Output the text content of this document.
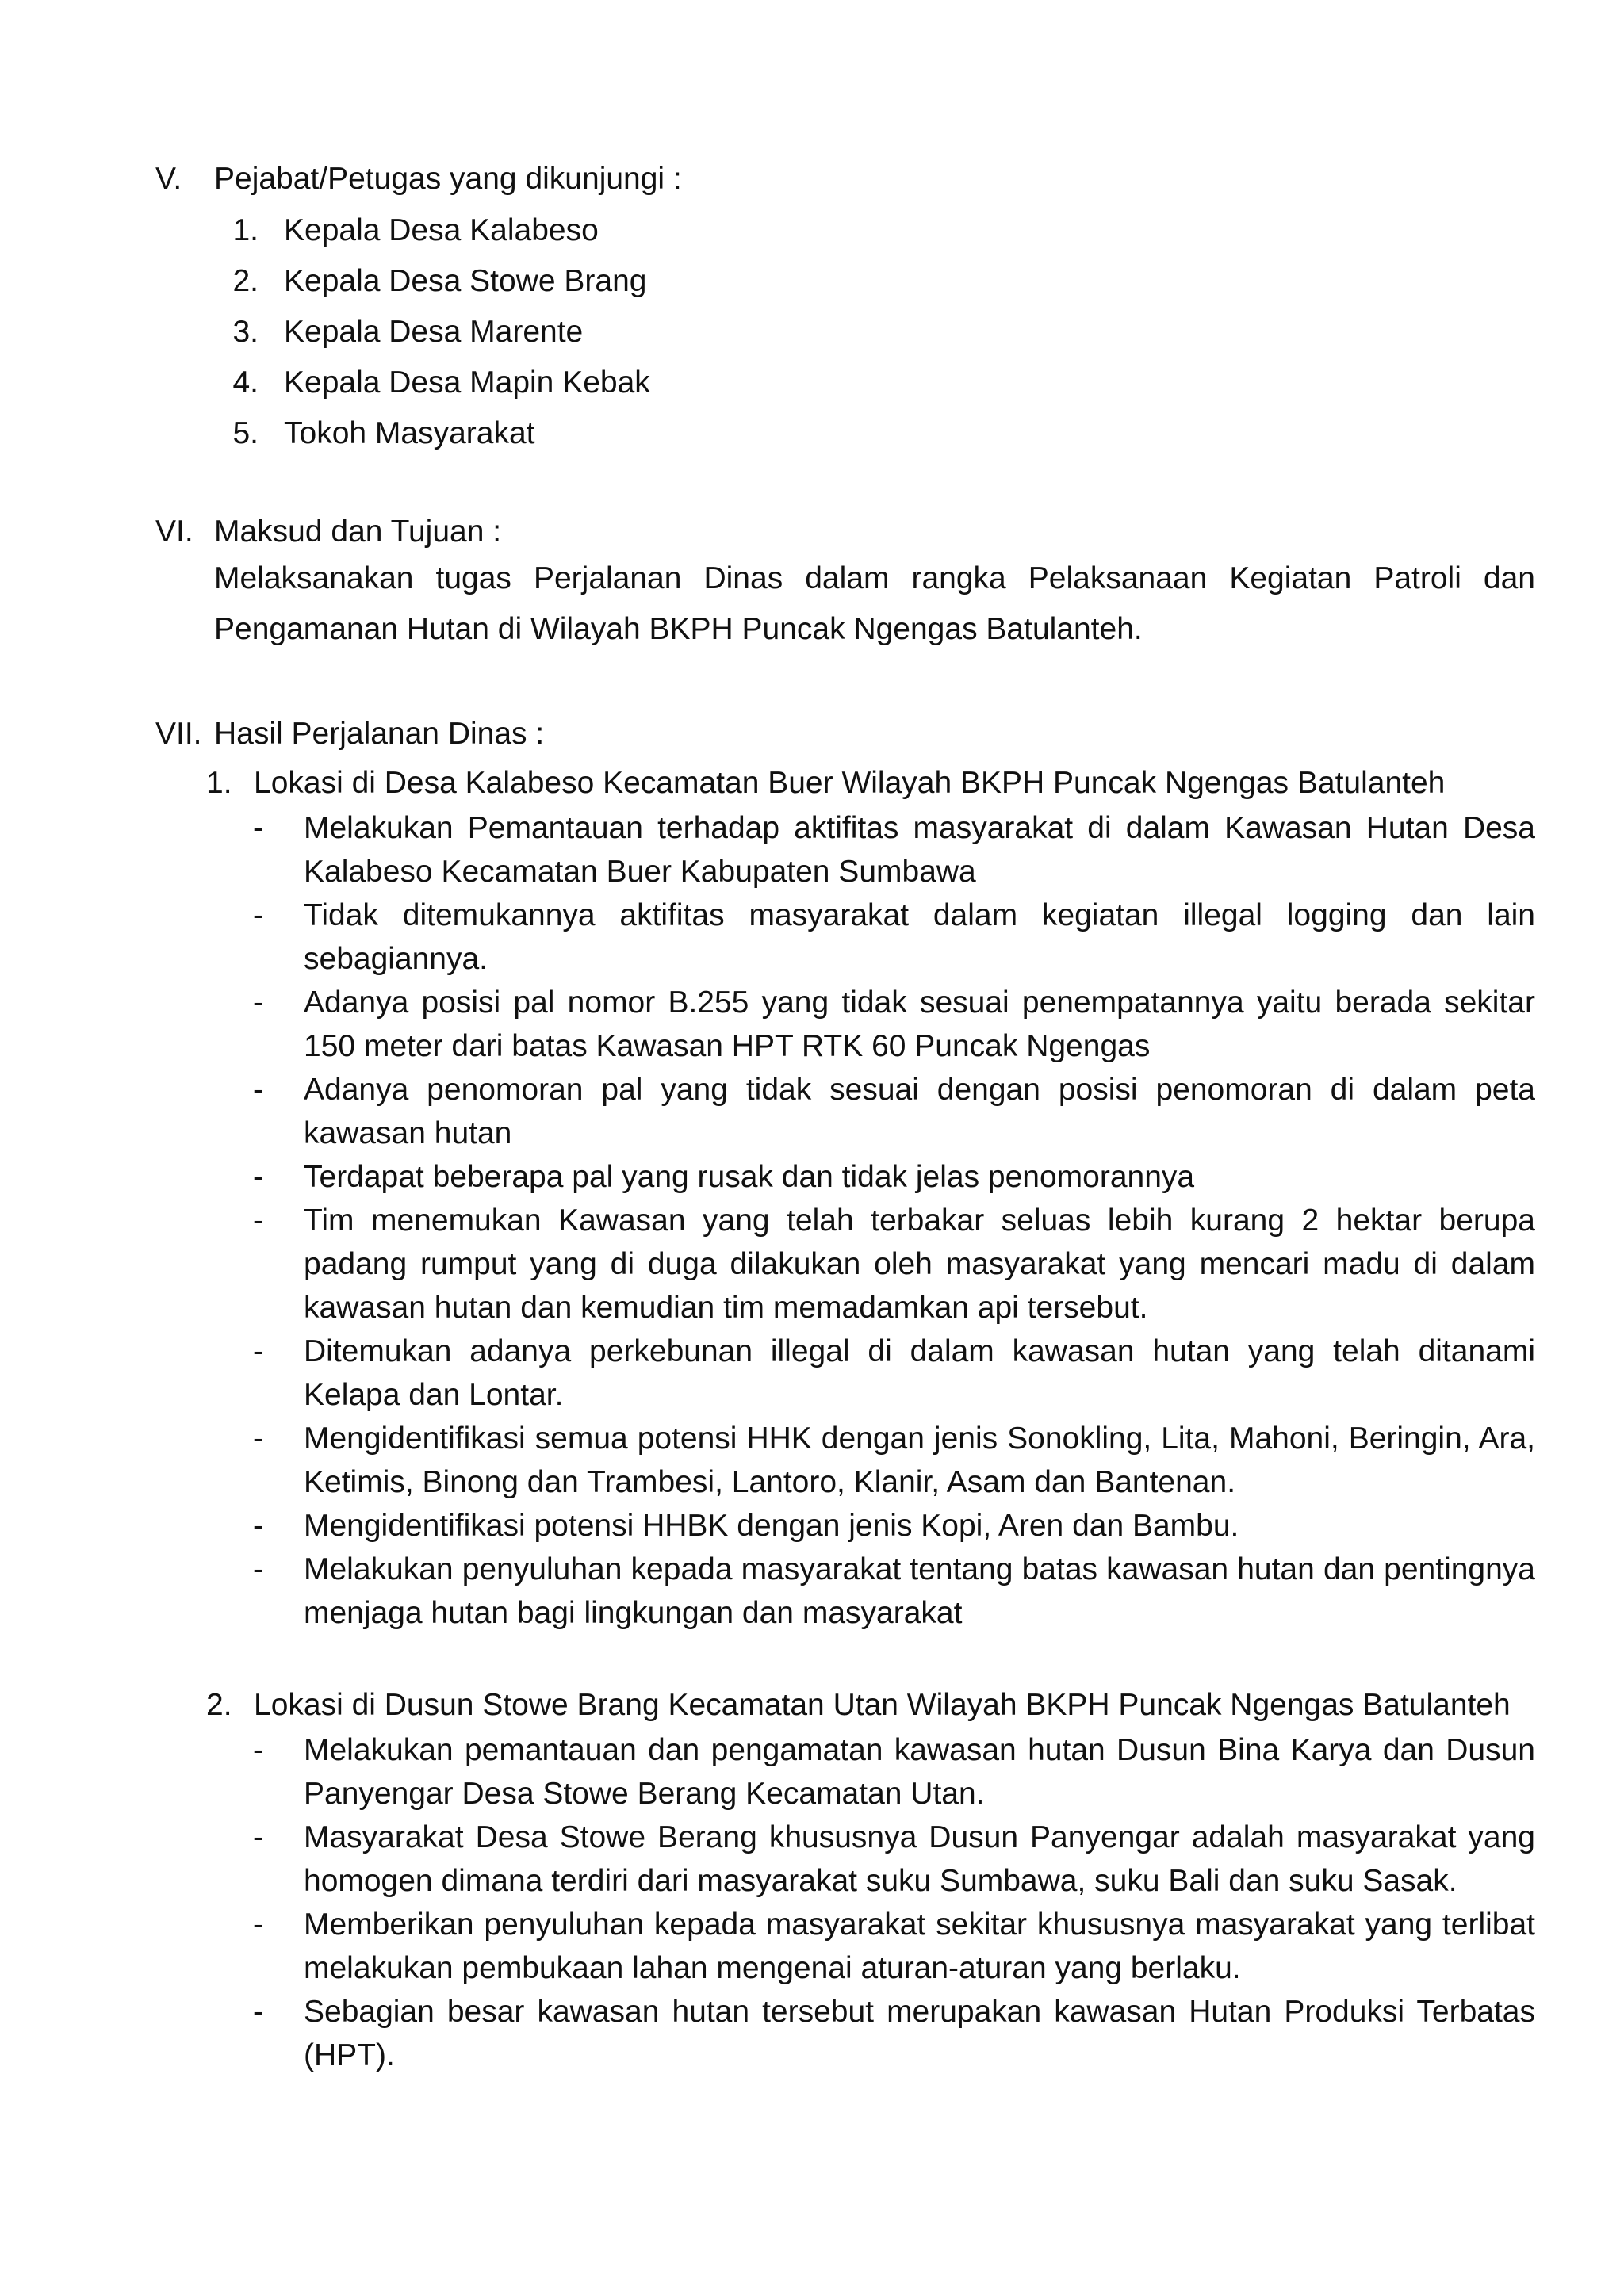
V.	Pejabat/Petugas yang dikunjungi :
1. Kepala Desa Kalabeso
2. Kepala Desa Stowe Brang
3. Kepala Desa Marente
4. Kepala Desa Mapin Kebak
5. Tokoh Masyarakat
VI. Maksud dan Tujuan :
Melaksanakan tugas Perjalanan Dinas dalam rangka Pelaksanaan Kegiatan Patroli dan Pengamanan Hutan di Wilayah BKPH Puncak Ngengas Batulanteh.
VII. Hasil Perjalanan Dinas :
1. Lokasi di Desa Kalabeso Kecamatan Buer Wilayah BKPH Puncak Ngengas Batulanteh
-	Melakukan Pemantauan terhadap aktifitas masyarakat di dalam Kawasan Hutan Desa Kalabeso Kecamatan Buer Kabupaten Sumbawa
-	Tidak ditemukannya aktifitas masyarakat dalam kegiatan illegal logging dan lain sebagiannya.
-	Adanya posisi pal nomor B.255 yang tidak sesuai penempatannya yaitu berada sekitar 150 meter dari batas Kawasan HPT RTK 60 Puncak Ngengas
-	Adanya penomoran pal yang tidak sesuai dengan posisi penomoran di dalam peta kawasan hutan
-	Terdapat beberapa pal yang rusak dan tidak jelas penomorannya
-	Tim menemukan Kawasan yang telah terbakar seluas lebih kurang 2 hektar berupa padang rumput yang di duga dilakukan oleh masyarakat yang mencari madu di dalam kawasan hutan dan kemudian tim memadamkan api tersebut.
-	Ditemukan adanya perkebunan illegal di dalam kawasan hutan yang telah ditanami Kelapa dan Lontar.
-	Mengidentifikasi semua potensi HHK dengan jenis Sonokling, Lita, Mahoni, Beringin, Ara, Ketimis, Binong dan Trambesi, Lantoro, Klanir, Asam dan Bantenan.
-	Mengidentifikasi potensi HHBK dengan jenis Kopi, Aren dan Bambu.
-	Melakukan penyuluhan kepada masyarakat tentang batas kawasan hutan dan pentingnya menjaga hutan bagi lingkungan dan masyarakat
2. Lokasi di Dusun Stowe Brang Kecamatan Utan Wilayah BKPH Puncak Ngengas Batulanteh
-	Melakukan pemantauan dan pengamatan kawasan hutan Dusun Bina Karya dan Dusun Panyengar Desa Stowe Berang Kecamatan Utan.
-	Masyarakat Desa Stowe Berang khususnya Dusun Panyengar adalah masyarakat yang homogen dimana terdiri dari masyarakat suku Sumbawa, suku Bali dan suku Sasak.
-	Memberikan penyuluhan kepada masyarakat sekitar khususnya masyarakat yang terlibat melakukan pembukaan lahan mengenai aturan-aturan yang berlaku.
-	Sebagian besar kawasan hutan tersebut merupakan kawasan Hutan Produksi Terbatas (HPT).
